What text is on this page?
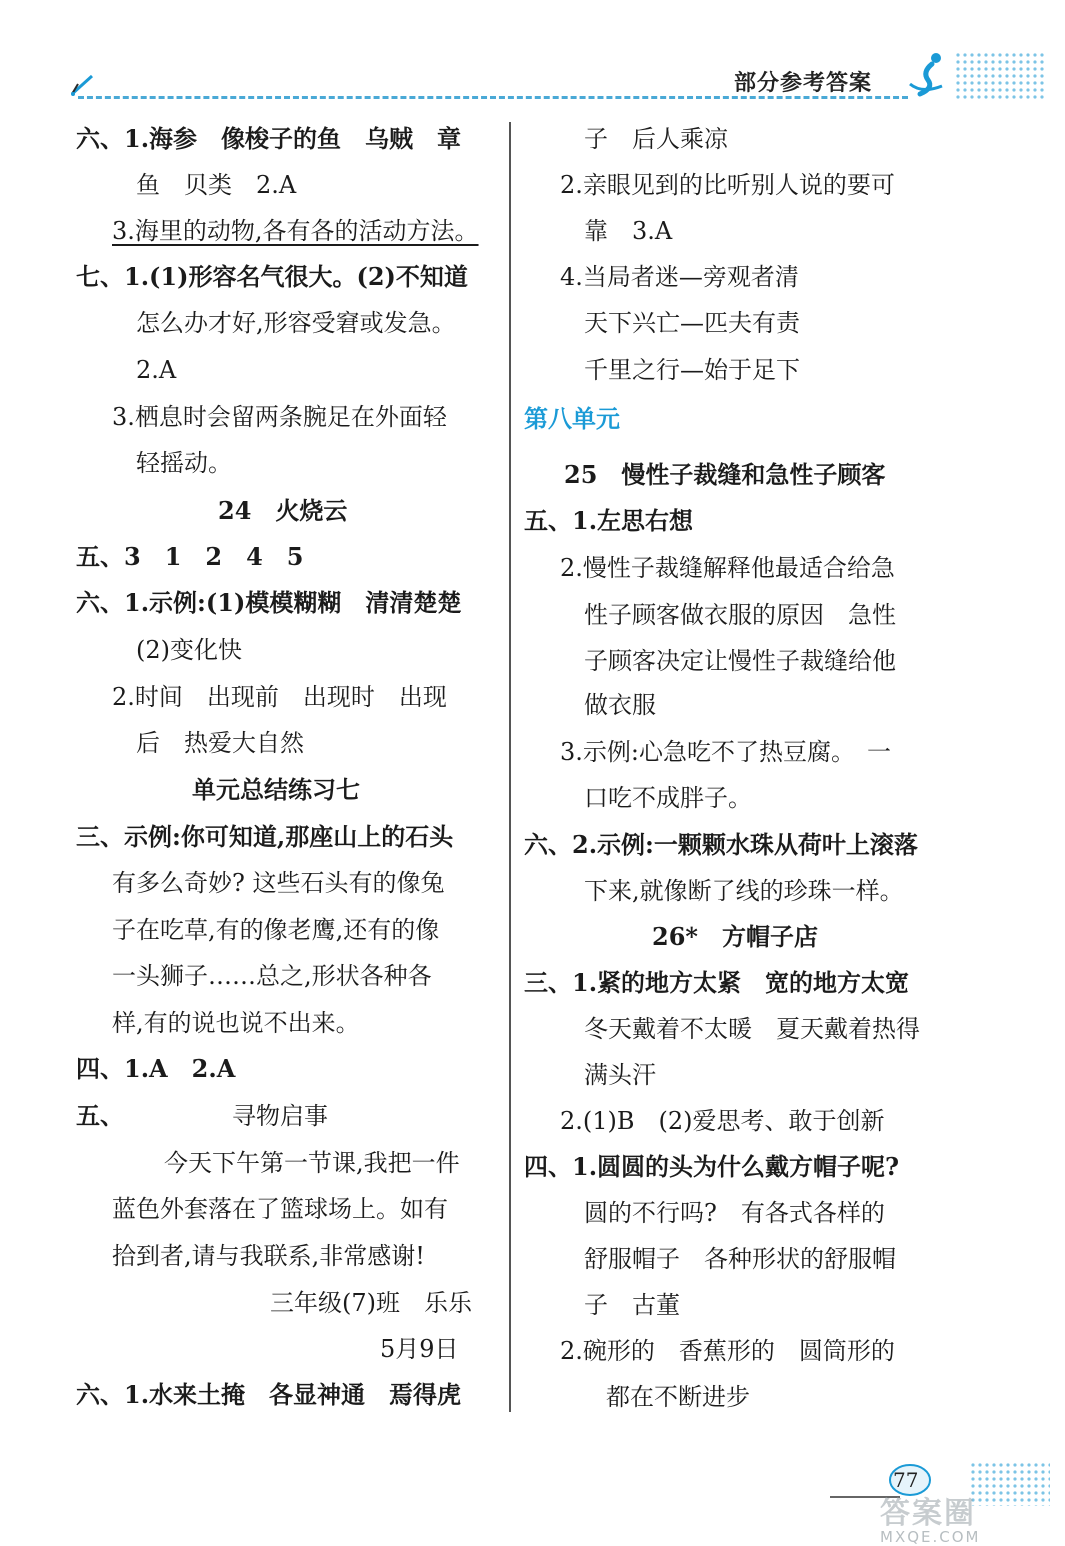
部分参考答案
六、1.海参　像梭子的鱼　乌贼　章
鱼　贝类　2.A
3.海里的动物,各有各的活动方法。
七、1.(1)形容名气很大。(2)不知道
怎么办才好,形容受窘或发急。
2.A
3.栖息时会留两条腕足在外面轻
轻摇动。
24　火烧云
五、3　1　2　4　5
六、1.示例:(1)模模糊糊　清清楚楚
(2)变化快
2.时间　出现前　出现时　出现
后　热爱大自然
单元总结练习七
三、示例:你可知道,那座山上的石头
有多么奇妙? 这些石头有的像兔
子在吃草,有的像老鹰,还有的像
一头狮子……总之,形状各种各
样,有的说也说不出来。
四、1.A　2.A
五、	寻物启事
今天下午第一节课,我把一件
蓝色外套落在了篮球场上。如有
拾到者,请与我联系,非常感谢!
三年级(7)班　乐乐
5月9日
六、1.水来土掩　各显神通　焉得虎
子　后人乘凉
2.亲眼见到的比听别人说的要可
靠　3.A
4.当局者迷—旁观者清
天下兴亡—匹夫有责
千里之行—始于足下
第八单元
25　慢性子裁缝和急性子顾客
五、1.左思右想
2.慢性子裁缝解释他最适合给急
性子顾客做衣服的原因　急性
子顾客决定让慢性子裁缝给他
做衣服
3.示例:心急吃不了热豆腐。　一
口吃不成胖子。
六、2.示例:一颗颗水珠从荷叶上滚落
下来,就像断了线的珍珠一样。
26*　方帽子店
三、1.紧的地方太紧　宽的地方太宽
冬天戴着不太暖　夏天戴着热得
满头汗
2.(1)B　(2)爱思考、敢于创新
四、1.圆圆的头为什么戴方帽子呢?
圆的不行吗?　有各式各样的
舒服帽子　各种形状的舒服帽
子　古董
2.碗形的　香蕉形的　圆筒形的
都在不断进步
77
答案圈
MXQE.COM
